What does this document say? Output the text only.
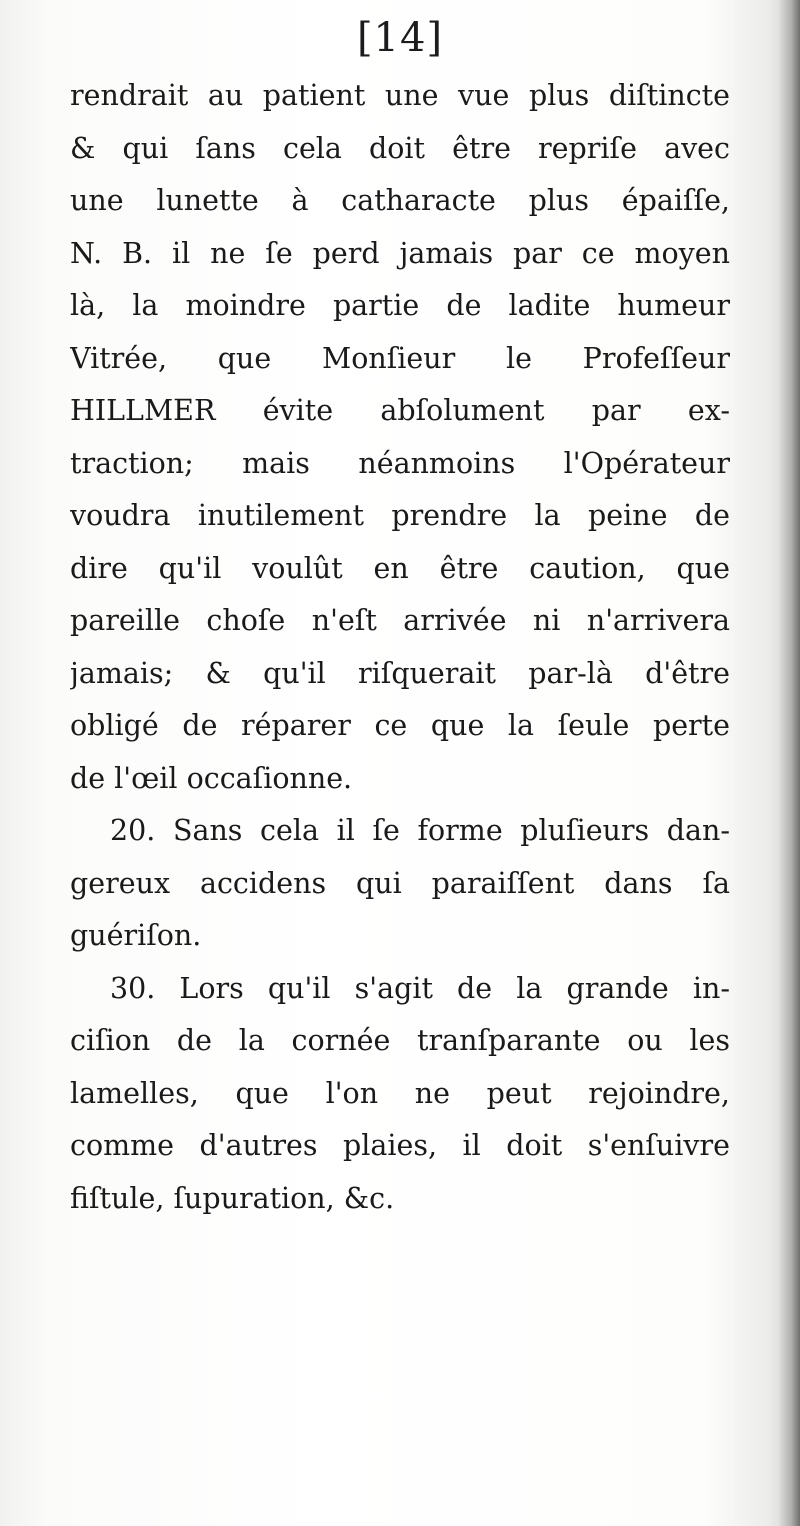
[14]
rendrait au patient une vue plus diſtincte
& qui ſans cela doit être repriſe avec
une lunette à catharacte plus épaiſſe,
N. B. il ne ſe perd jamais par ce moyen
là, la moindre partie de ladite humeur
Vitrée, que Monſieur le Profeſſeur
HILLMER évite abſolument par ex-
traction; mais néanmoins l'Opérateur
voudra inutilement prendre la peine de
dire qu'il voulût en être caution, que
pareille choſe n'eſt arrivée ni n'arrivera
jamais; & qu'il riſquerait par-là d'être
obligé de réparer ce que la ſeule perte
de l'œil occaſionne.
20. Sans cela il ſe forme pluſieurs dan-
gereux accidens qui paraiſſent dans ſa
guériſon.
30. Lors qu'il s'agit de la grande in-
ciſion de la cornée tranſparante ou les
lamelles, que l'on ne peut rejoindre,
comme d'autres plaies, il doit s'enſuivre
fiſtule, ſupuration, &c.
